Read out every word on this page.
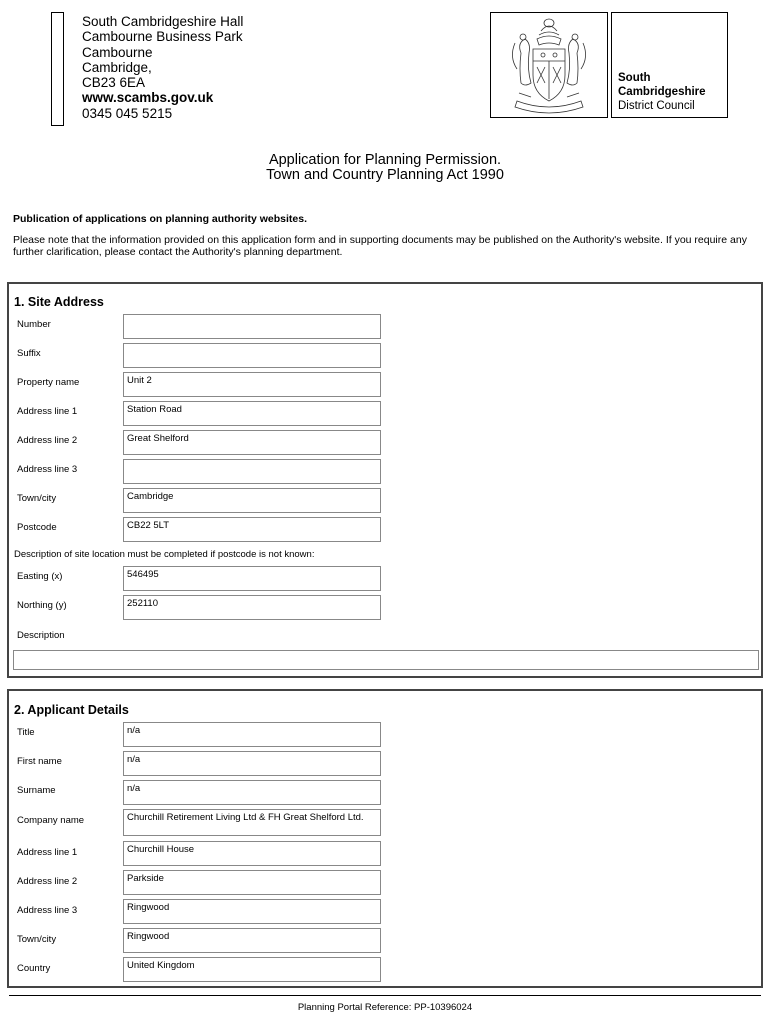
South Cambridgeshire Hall
Cambourne Business Park
Cambourne
Cambridge,
CB23 6EA
www.scambs.gov.uk
0345 045 5215
South
Cambridgeshire
District Council
Application for Planning Permission.
Town and Country Planning Act 1990
Publication of applications on planning authority websites.
Please note that the information provided on this application form and in supporting documents may be published on the Authority's website. If you require any further clarification, please contact the Authority's planning department.
1. Site Address
Number
Suffix
Property name	Unit 2
Address line 1	Station Road
Address line 2	Great Shelford
Address line 3
Town/city	Cambridge
Postcode	CB22 5LT
Description of site location must be completed if postcode is not known:
Easting (x)	546495
Northing (y)	252110
Description
2. Applicant Details
Title	n/a
First name	n/a
Surname	n/a
Company name	Churchill Retirement Living Ltd & FH Great Shelford Ltd.
Address line 1	Churchill House
Address line 2	Parkside
Address line 3	Ringwood
Town/city	Ringwood
Country	United Kingdom
Planning Portal Reference: PP-10396024
